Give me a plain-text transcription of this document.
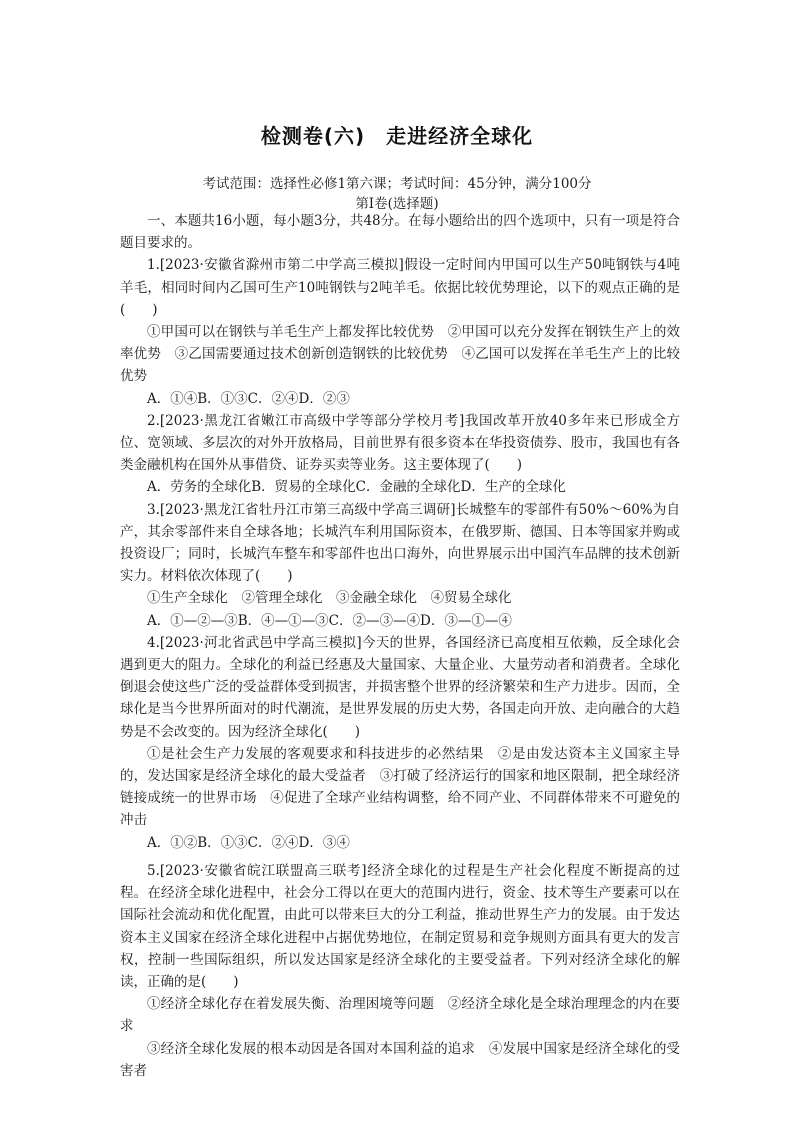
检测卷(六)　走进经济全球化
考试范围：选择性必修1第六课；考试时间：45分钟，满分100分
第Ⅰ卷(选择题)

一、本题共16小题，每小题3分，共48分。在每小题给出的四个选项中，只有一项是符合题目要求的。

1.[2023·安徽省滁州市第二中学高三模拟]假设一定时间内甲国可以生产50吨钢铁与4吨羊毛，相同时间内乙国可生产10吨钢铁与2吨羊毛。依据比较优势理论，以下的观点正确的是(　　)

①甲国可以在钢铁与羊毛生产上都发挥比较优势　②甲国可以充分发挥在钢铁生产上的效率优势　③乙国需要通过技术创新创造钢铁的比较优势　④乙国可以发挥在羊毛生产上的比较优势

A．①④B．①③C．②④D．②③

2.[2023·黑龙江省嫩江市高级中学等部分学校月考]我国改革开放40多年来已形成全方位、宽领域、多层次的对外开放格局，目前世界有很多资本在华投资债券、股市，我国也有各类金融机构在国外从事借贷、证券买卖等业务。这主要体现了(　　)

A．劳务的全球化B．贸易的全球化C．金融的全球化D．生产的全球化

3.[2023·黑龙江省牡丹江市第三高级中学高三调研]长城整车的零部件有50%～60%为自产，其余零部件来自全球各地；长城汽车利用国际资本，在俄罗斯、德国、日本等国家并购或投资设厂；同时，长城汽车整车和零部件也出口海外，向世界展示出中国汽车品牌的技术创新实力。材料依次体现了(　　)

①生产全球化　②管理全球化　③金融全球化　④贸易全球化

A．①—②—③B．④—①—③C．②—③—④D．③—①—④

4.[2023·河北省武邑中学高三模拟]今天的世界，各国经济已高度相互依赖，反全球化会遇到更大的阻力。全球化的利益已经惠及大量国家、大量企业、大量劳动者和消费者。全球化倒退会使这些广泛的受益群体受到损害，并损害整个世界的经济繁荣和生产力进步。因而，全球化是当今世界所面对的时代潮流，是世界发展的历史大势，各国走向开放、走向融合的大趋势是不会改变的。因为经济全球化(　　)

①是社会生产力发展的客观要求和科技进步的必然结果　②是由发达资本主义国家主导的，发达国家是经济全球化的最大受益者　③打破了经济运行的国家和地区限制，把全球经济链接成统一的世界市场　④促进了全球产业结构调整，给不同产业、不同群体带来不可避免的冲击

A．①②B．①③C．②④D．③④

5.[2023·安徽省皖江联盟高三联考]经济全球化的过程是生产社会化程度不断提高的过程。在经济全球化进程中，社会分工得以在更大的范围内进行，资金、技术等生产要素可以在国际社会流动和优化配置，由此可以带来巨大的分工利益，推动世界生产力的发展。由于发达资本主义国家在经济全球化进程中占据优势地位，在制定贸易和竞争规则方面具有更大的发言权，控制一些国际组织，所以发达国家是经济全球化的主要受益者。下列对经济全球化的解读，正确的是(　　)

①经济全球化存在着发展失衡、治理困境等问题　②经济全球化是全球治理理念的内在要求

③经济全球化发展的根本动因是各国对本国利益的追求　④发展中国家是经济全球化的受害者
